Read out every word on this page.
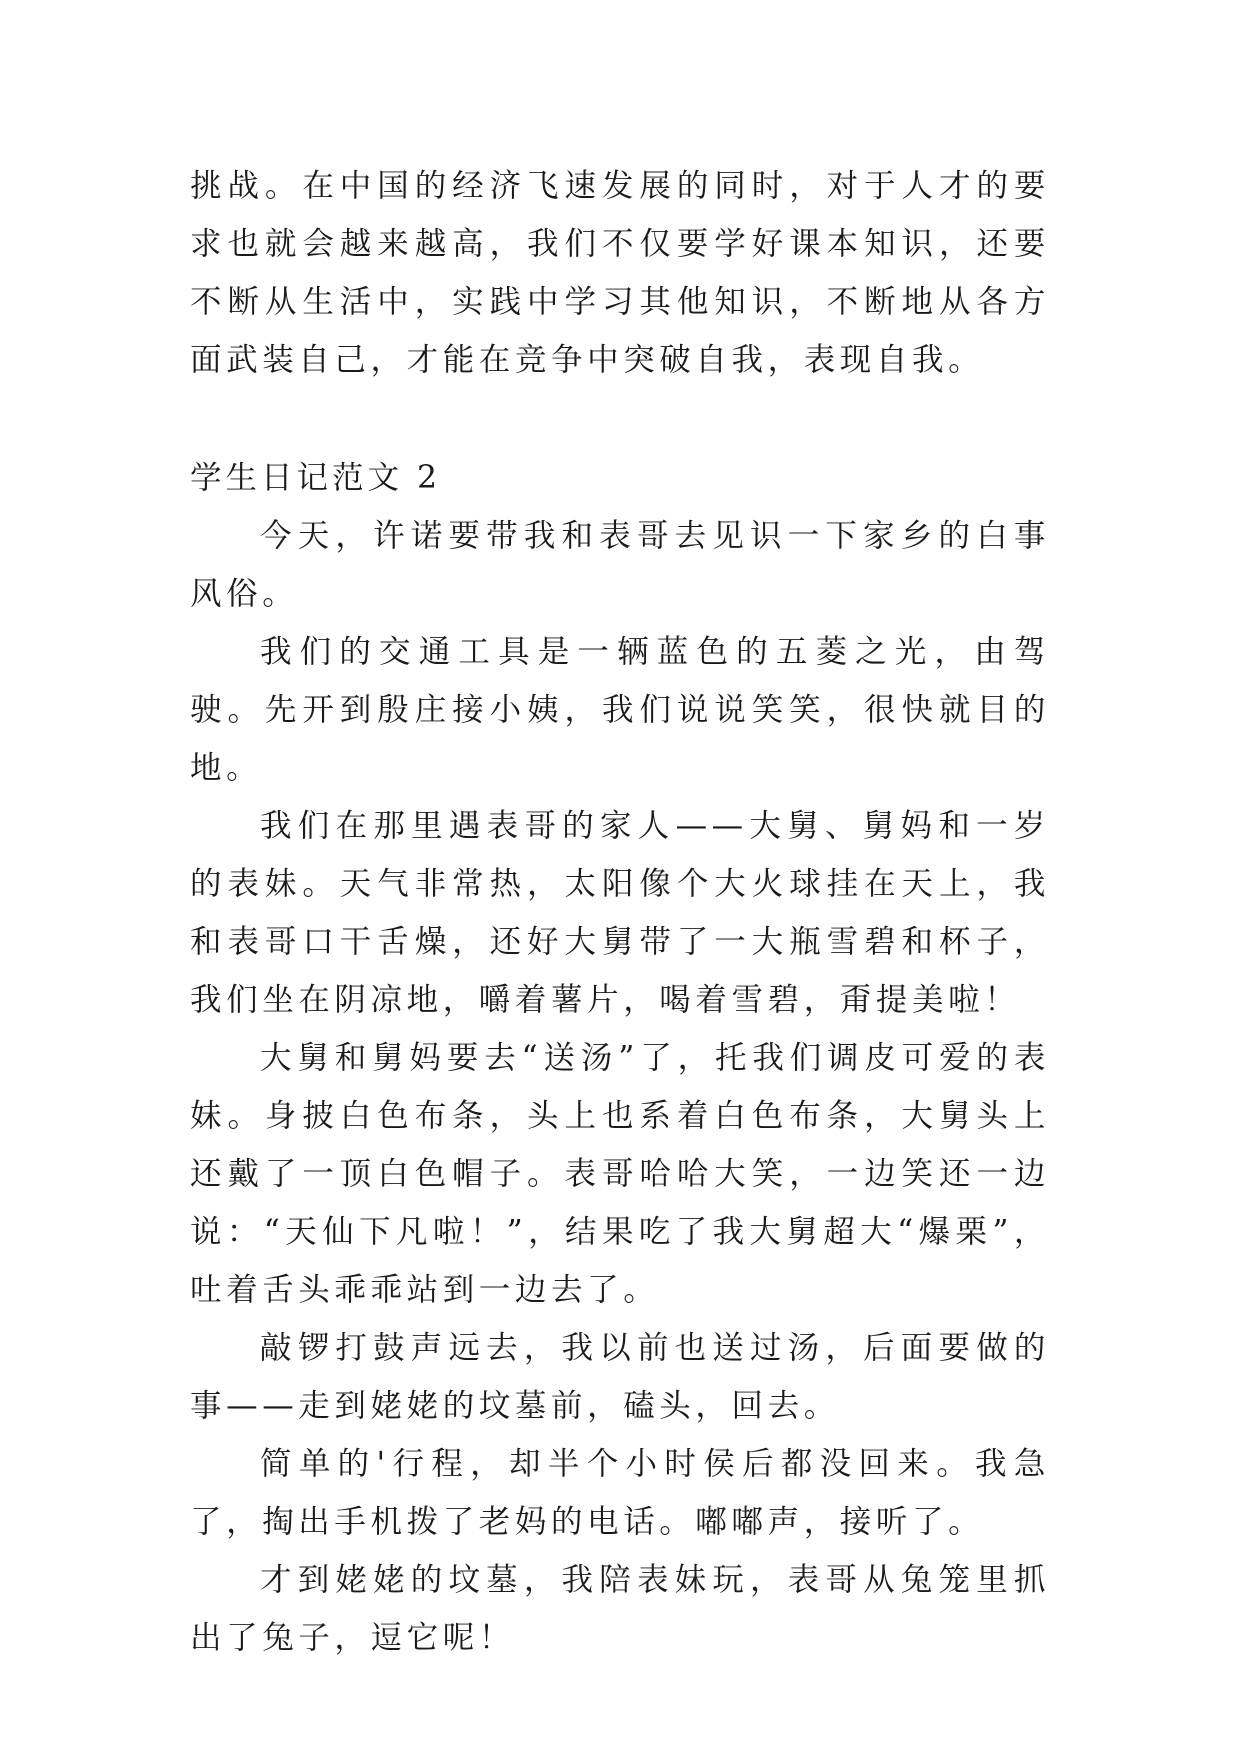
挑战。在中国的经济飞速发展的同时，对于人才的要求也就会越来越高，我们不仅要学好课本知识，还要不断从生活中，实践中学习其他知识，不断地从各方面武装自己，才能在竞争中突破自我，表现自我。

学生日记范文 2

今天，许诺要带我和表哥去见识一下家乡的白事风俗。

我们的交通工具是一辆蓝色的五菱之光，由驾驶。先开到殷庄接小姨，我们说说笑笑，很快就目的地。

我们在那里遇表哥的家人——大舅、舅妈和一岁的表妹。天气非常热，太阳像个大火球挂在天上，我和表哥口干舌燥，还好大舅带了一大瓶雪碧和杯子，我们坐在阴凉地，嚼着薯片，喝着雪碧，甭提美啦！

大舅和舅妈要去“送汤”了，托我们调皮可爱的表妹。身披白色布条，头上也系着白色布条，大舅头上还戴了一顶白色帽子。表哥哈哈大笑，一边笑还一边说：“天仙下凡啦！”，结果吃了我大舅超大“爆栗”，吐着舌头乖乖站到一边去了。

敲锣打鼓声远去，我以前也送过汤，后面要做的事——走到姥姥的坟墓前，磕头，回去。

简单的'行程，却半个小时侯后都没回来。我急了，掏出手机拨了老妈的电话。嘟嘟声，接听了。

才到姥姥的坟墓，我陪表妹玩，表哥从兔笼里抓出了兔子，逗它呢！
